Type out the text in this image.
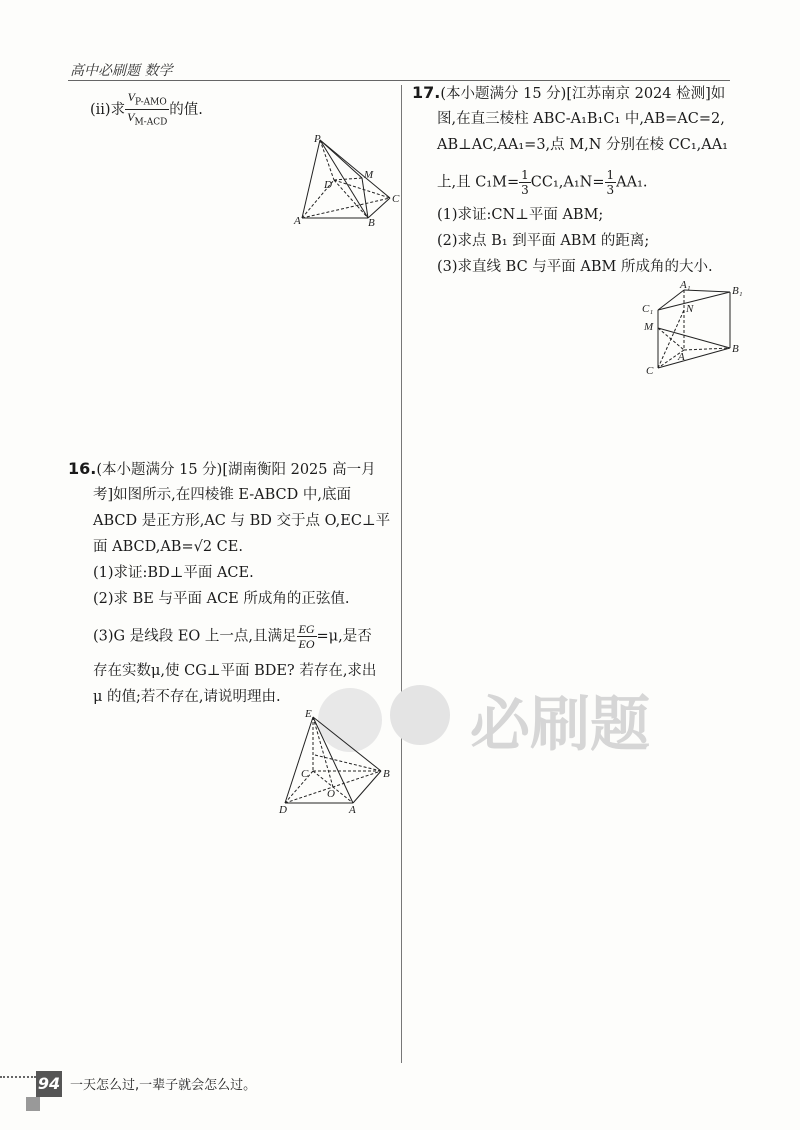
高中必刷题 数学
(ii)求 $\frac{V_{P-AMO}}{V_{M-ACD}}$ 的值.
P
M
D
C
A	B
16.(本小题满分 15 分)[湖南衡阳 2025 高一月
考]如图所示,在四棱锥 E-ABCD 中,底面
ABCD 是正方形,AC 与 BD 交于点 O,EC⊥平
面 ABCD,AB=√2 CE.
(1)求证:BD⊥平面 ACE.
(2)求 BE 与平面 ACE 所成角的正弦值.
(3)G 是线段 EO 上一点,且满足 $\frac{EG}{EO} =\mu$,是否
存在实数μ,使 CG⊥平面 BDE? 若存在,求出
μ 的值;若不存在,请说明理由.	必刷题
E
C	B
O
D	A
17.(本小题满分 15 分)[江苏南京 2024 检测]如
图,在直三棱柱 ABC-A₁B₁C₁ 中,AB=AC=2,
AB⊥AC,AA₁=3,点 M,N 分别在棱 CC₁,AA₁
上,且 $C_1M= \frac{1}{3} CC_1,A_1N= \frac{1}{3} AA_1$.
(1)求证:CN⊥平面 ABM;
(2)求点 B₁ 到平面 ABM 的距离;
(3)求直线 BC 与平面 ABM 所成角的大小.
A₁	B₁
C₁	N
M
A
B
C
94 一天怎么过,一辈子就会怎么过。
